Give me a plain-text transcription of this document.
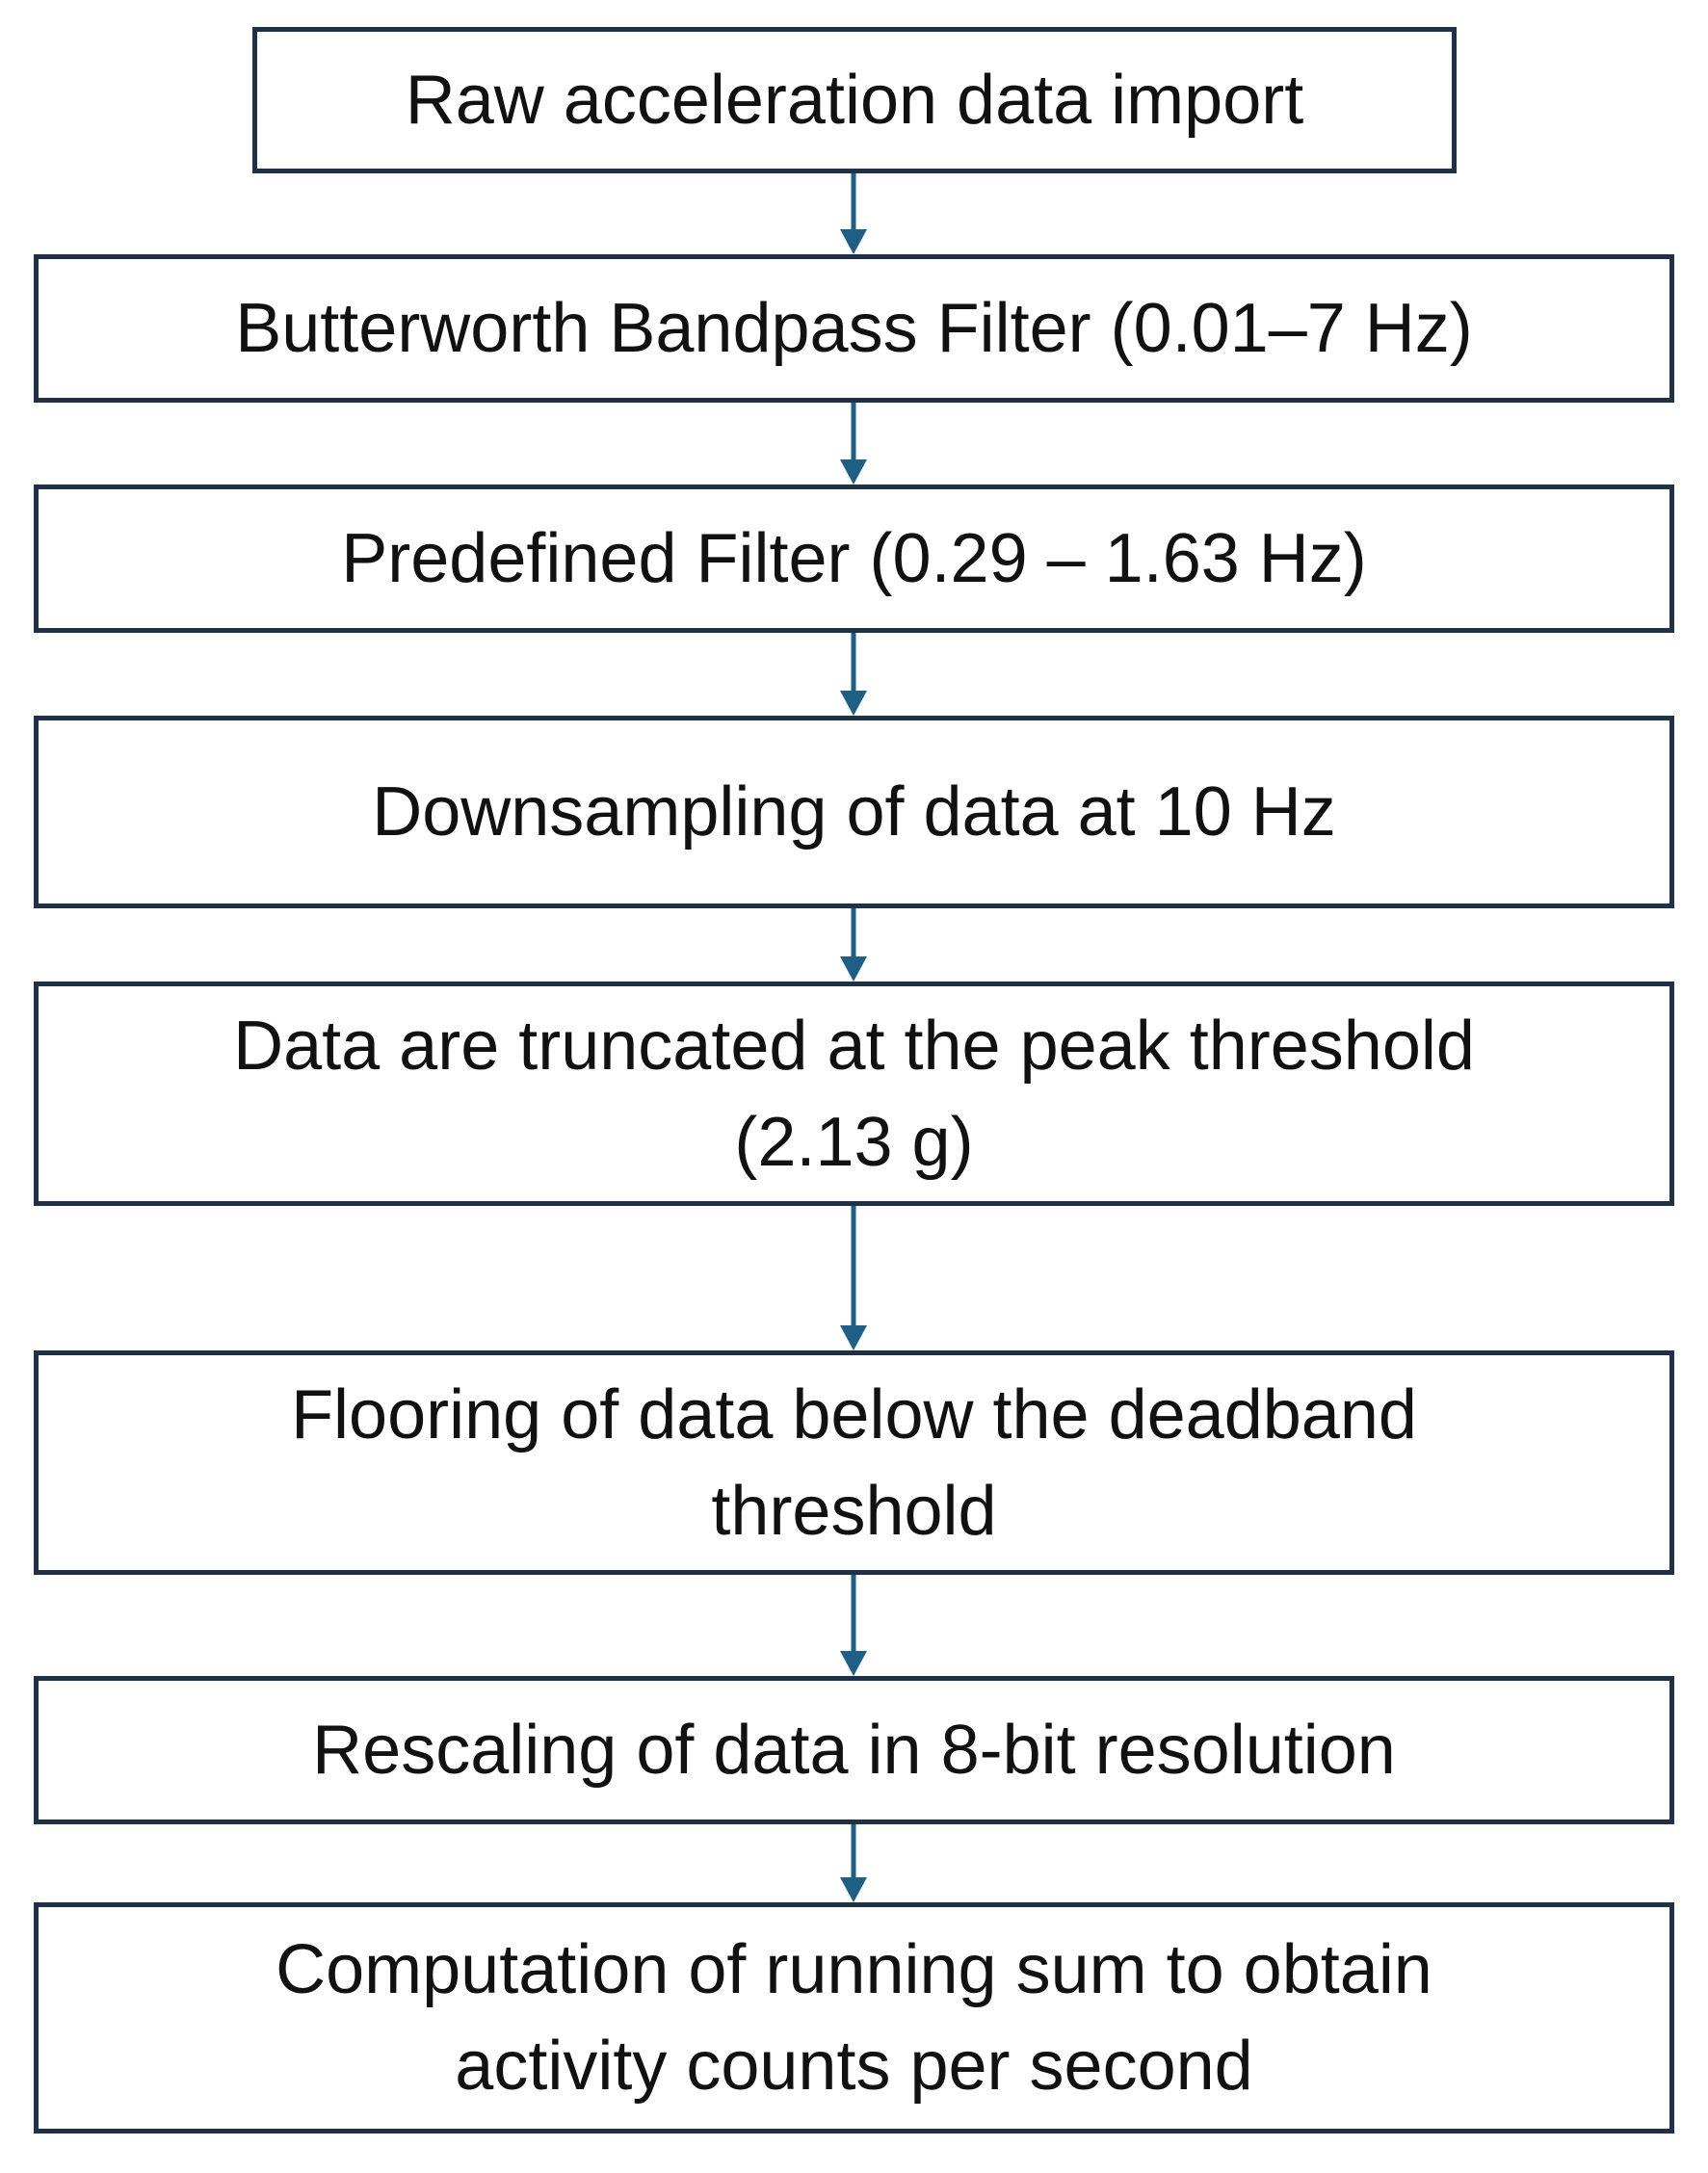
Raw acceleration data import
Butterworth Bandpass Filter (0.01–7 Hz)
Predefined Filter (0.29 – 1.63 Hz)
Downsampling of data at 10 Hz
Data are truncated at the peak threshold (2.13 g)
Flooring of data below the deadband threshold
Rescaling of data in 8-bit resolution
Computation of running sum to obtain activity counts per second
